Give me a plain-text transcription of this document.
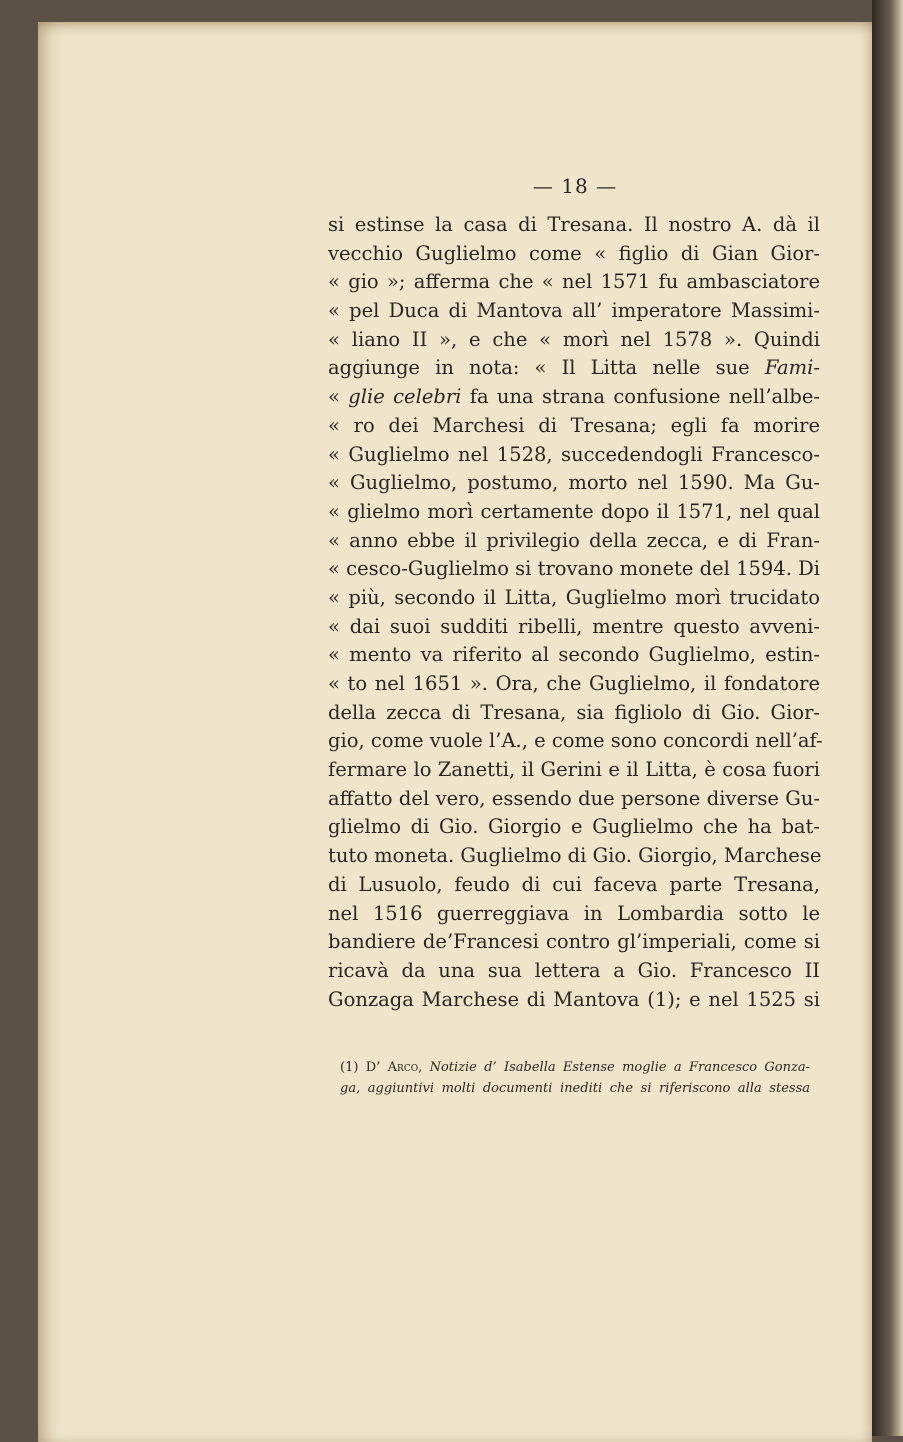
— 18 —
si estinse la casa di Tresana. Il nostro A. dà il
vecchio Guglielmo come « figlio di Gian Gior-
« gio »; afferma che « nel 1571 fu ambasciatore
« pel Duca di Mantova all’ imperatore Massimi-
« liano II », e che « morì nel 1578 ». Quindi
aggiunge in nota: « Il Litta nelle sue Fami-
« glie celebri fa una strana confusione nell’albe-
« ro dei Marchesi di Tresana; egli fa morire
« Guglielmo nel 1528, succedendogli Francesco-
« Guglielmo, postumo, morto nel 1590. Ma Gu-
« glielmo morì certamente dopo il 1571, nel qual
« anno ebbe il privilegio della zecca, e di Fran-
« cesco-Guglielmo si trovano monete del 1594. Di
« più, secondo il Litta, Guglielmo morì trucidato
« dai suoi sudditi ribelli, mentre questo avveni-
« mento va riferito al secondo Guglielmo, estin-
« to nel 1651 ». Ora, che Guglielmo, il fondatore
della zecca di Tresana, sia figliolo di Gio. Gior-
gio, come vuole l’A., e come sono concordi nell’af-
fermare lo Zanetti, il Gerini e il Litta, è cosa fuori
affatto del vero, essendo due persone diverse Gu-
glielmo di Gio. Giorgio e Guglielmo che ha bat-
tuto moneta. Guglielmo di Gio. Giorgio, Marchese
di Lusuolo, feudo di cui faceva parte Tresana,
nel 1516 guerreggiava in Lombardia sotto le
bandiere de’Francesi contro gl’imperiali, come si
ricavà da una sua lettera a Gio. Francesco II
Gonzaga Marchese di Mantova (1); e nel 1525 si
(1) D’ Arco, Notizie d’ Isabella Estense moglie a Francesco Gonza-
ga, aggiuntivi molti documenti inediti che si riferiscono alla stessa
